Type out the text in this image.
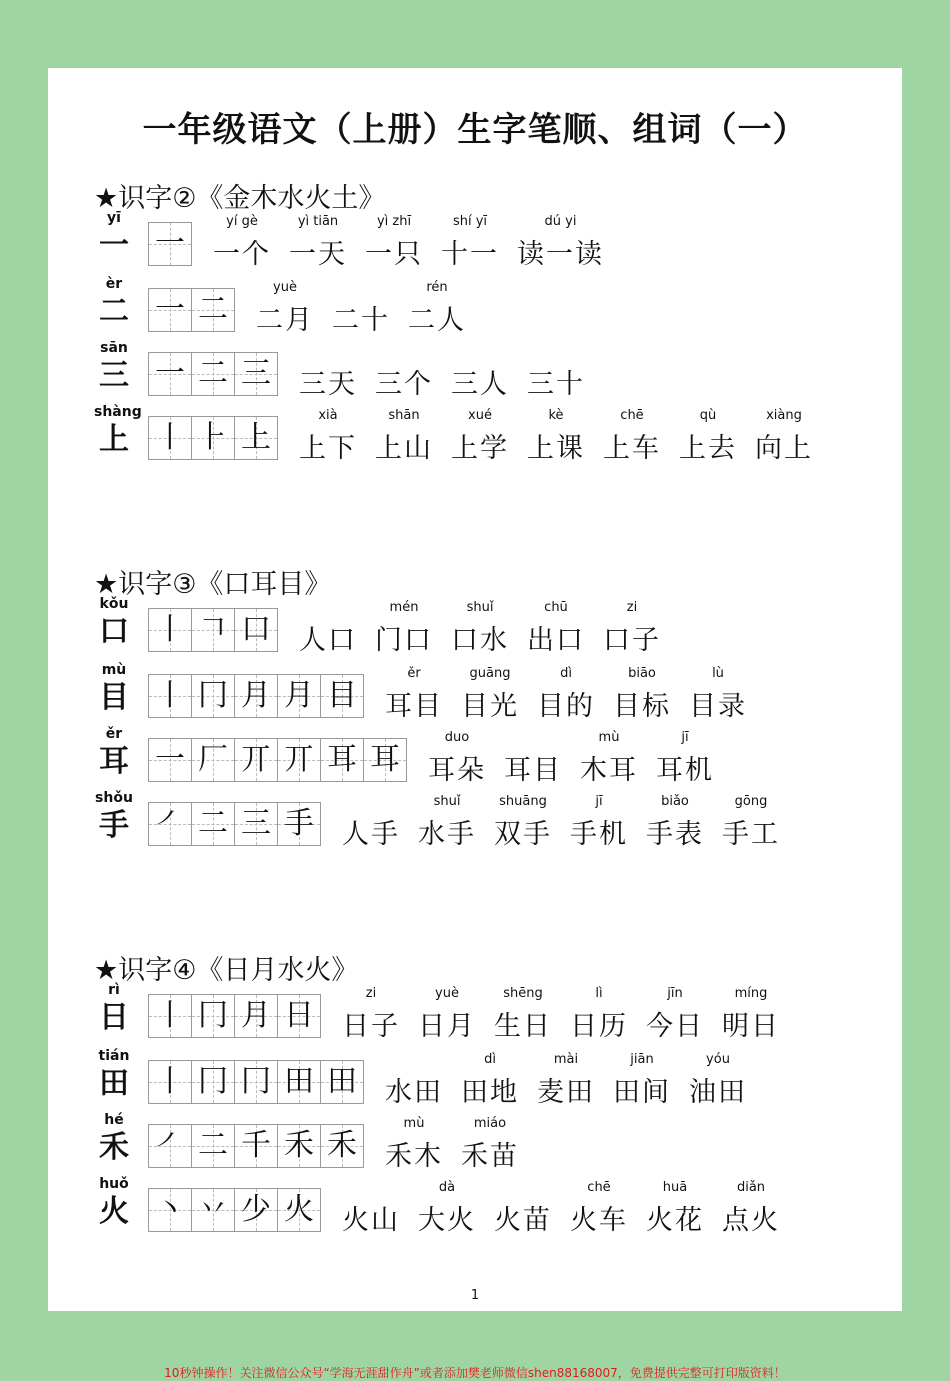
一年级语文（上册）生字笔顺、组词（一）
★识字②《金木水火土》
yī
一 一
yí gè
一个
yì tiān
一天
yì zhī
一只
shí yī
十一
dú yi
读一读
èr
二 一 二
yuè
二月 二十
rén
二人
sān
三 一 二 三 三天 三个 三人 三十
shàng
上 丨 ⺊ 上
xià
上下
shān
上山
xué
上学
kè
上课
chē
上车
qù
上去
xiàng
向上
★识字③《口耳目》
kǒu
口 丨 𠃍 口 人口
mén
门口
shuǐ
口水
chū
出口
zi
口子
mù
目 丨 冂 月 月 目
ěr
耳目
guāng
目光
dì
目的
biāo
目标
lù
目录
ěr
耳 一 厂 丌 丌 耳 耳
duo
耳朵 耳目
mù
木耳
jī
耳机
shǒu
手 ㇒ 二 三 手 人手
shuǐ
水手
shuāng
双手
jī
手机
biǎo
手表
gōng
手工
★识字④《日月水火》
rì
日 丨 冂 月 日
zi
日子
yuè
日月
shēng
生日
lì
日历
jīn
今日
míng
明日
tián
田 丨 冂 冂 田 田 水田
dì
田地
mài
麦田
jiān
田间
yóu
油田
hé
禾 ㇒ 二 千 禾 禾
mù
禾木
miáo
禾苗
huǒ
火 丶 丷 少 火 火山
dà
大火 火苗
chē
火车
huā
火花
diǎn
点火
1
10秒钟操作！关注微信公众号“学海无涯甜作舟”或者添加樊老师微信shen88168007，免费提供完整可打印版资料！
